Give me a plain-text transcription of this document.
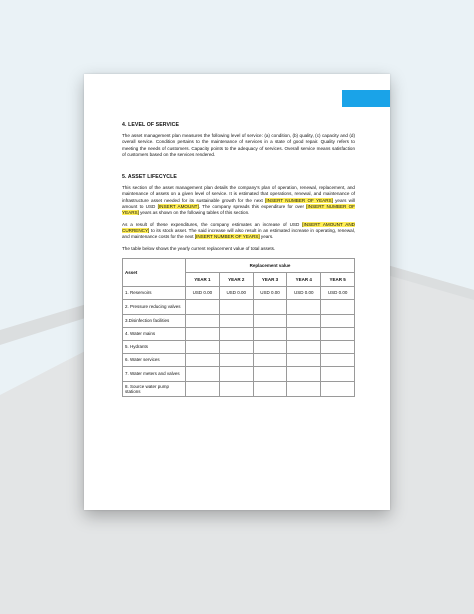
4. LEVEL OF SERVICE
The asset management plan measures the following level of service: (a) condition, (b) quality, (c) capacity and (d) overall service. Condition pertains to the maintenance of services in a state of good repair. Quality refers to meeting the needs of customers. Capacity points to the adequacy of services. Overall service means satisfaction of customers based on the services rendered.
5. ASSET LIFECYCLE
This section of the asset management plan details the company's plan of operation, renewal, replacement, and maintenance of assets on a given level of service. It is estimated that operations, renewal, and maintenance of infrastructure asset needed for its sustainable growth for the next [INSERT NUMBER OF YEARS] years will amount to USD [INSERT AMOUNT]. The company spreads this expenditure for over [INSERT NUMBER OF YEARS] years as shown on the following tables of this section.
As a result of these expenditures, the company estimates an increase of USD [INSERT AMOUNT AND CURRENCY] to its stock asset. The said increase will also result in an estimated increase in operating, renewal, and maintenance costs for the next [INSERT NUMBER OF YEARS] years.
The table below shows the yearly current replacement value of total assets.
Asset	Replacement value				
	YEAR 1	YEAR 2	YEAR 3	YEAR 4	YEAR 5
1. Reservoirs	USD 0.00	USD 0.00	USD 0.00	USD 0.00	USD 0.00
2. Pressure reducing valves					
3.Disinfection facilities					
4. Water mains					
5. Hydrants					
6. Water services					
7. Water meters and valves					
8. Source water pump stations					
